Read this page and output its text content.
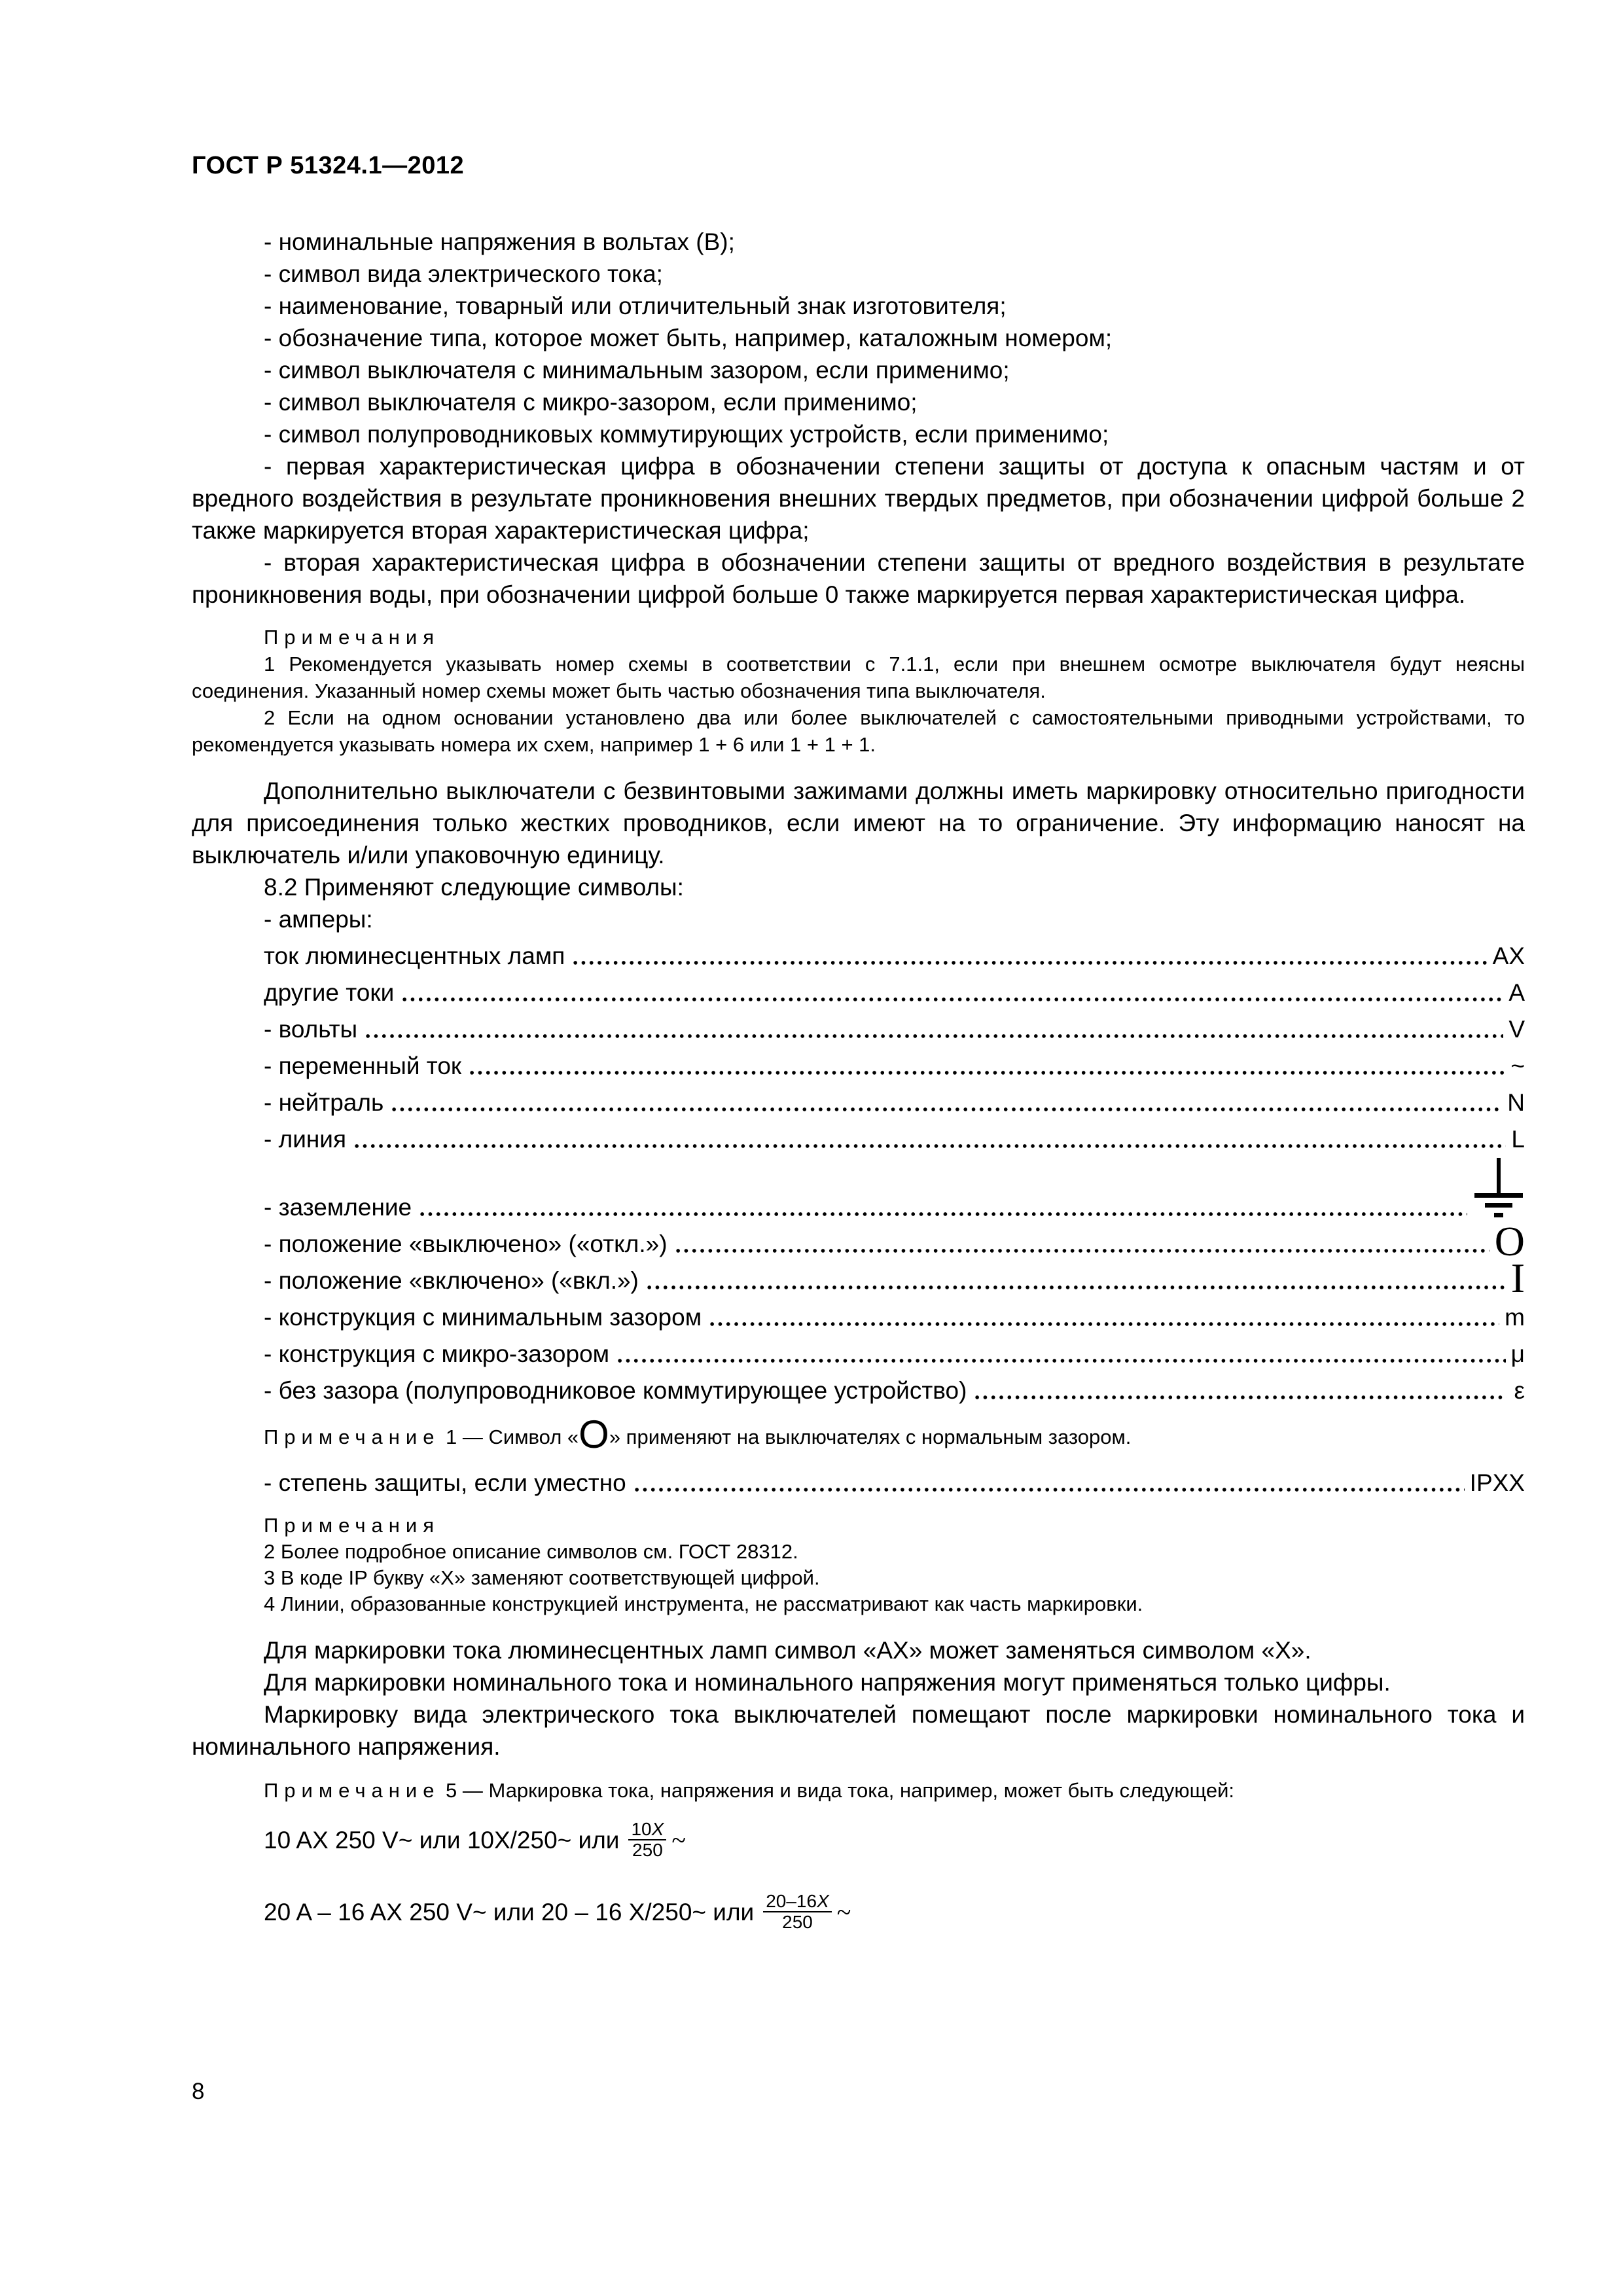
ГОСТ Р 51324.1—2012
- номинальные напряжения в вольтах (В);
- символ вида электрического тока;
- наименование, товарный или отличительный знак изготовителя;
- обозначение типа, которое может быть, например, каталожным номером;
- символ выключателя с минимальным зазором, если применимо;
- символ выключателя с микро-зазором, если применимо;
- символ полупроводниковых коммутирующих устройств, если применимо;

- первая характеристическая цифра в обозначении степени защиты от доступа к опасным частям и от вредного воздействия в результате проникновения внешних твердых предметов, при обозначении цифрой больше 2 также маркируется вторая характеристическая цифра;

- вторая характеристическая цифра в обозначении степени защиты от вредного воздействия в результате проникновения воды, при обозначении цифрой больше 0 также маркируется первая характеристическая цифра.

Примечания

1 Рекомендуется указывать номер схемы в соответствии с 7.1.1, если при внешнем осмотре выключателя будут неясны соединения. Указанный номер схемы может быть частью обозначения типа выключателя.

2 Если на одном основании установлено два или более выключателей с самостоятельными приводными устройствами, то рекомендуется указывать номера их схем, например 1 + 6 или 1 + 1 + 1.

Дополнительно выключатели с безвинтовыми зажимами должны иметь маркировку относительно пригодности для присоединения только жестких проводников, если имеют на то ограничение. Эту информацию наносят на выключатель и/или упаковочную единицу.

8.2 Применяют следующие символы:
- амперы:
ток люминесцентных ламп	AX
другие токи	A
- вольты	V
- переменный ток	~
- нейтраль	N
- линия	L
- заземление
- положение «выключено» («откл.»)	O
- положение «включено» («вкл.»)	I
- конструкция с минимальным зазором	m
- конструкция с микро-зазором	μ
- без зазора (полупроводниковое коммутирующее устройство)	ε
Примечание 1 — Символ «O» применяют на выключателях с нормальным зазором.
- степень защиты, если уместно	IPXX
Примечания
2 Более подробное описание символов см. ГОСТ 28312.
3 В коде IP букву «X» заменяют соответствующей цифрой.
4 Линии, образованные конструкцией инструмента, не рассматривают как часть маркировки.
Для маркировки тока люминесцентных ламп символ «AX» может заменяться символом «X».
Для маркировки номинального тока и номинального напряжения могут применяться только цифры.

Маркировку вида электрического тока выключателей помещают после маркировки номинального тока и номинального напряжения.

Примечание 5 — Маркировка тока, напряжения и вида тока, например, может быть следующей:
10 AX 250 V~ или 10X/250~ или $\frac{10X}{250}$ ~
20 A – 16 AX 250 V~ или 20 – 16 X/250~ или $\frac{20-16X}{250}$ ~
8
